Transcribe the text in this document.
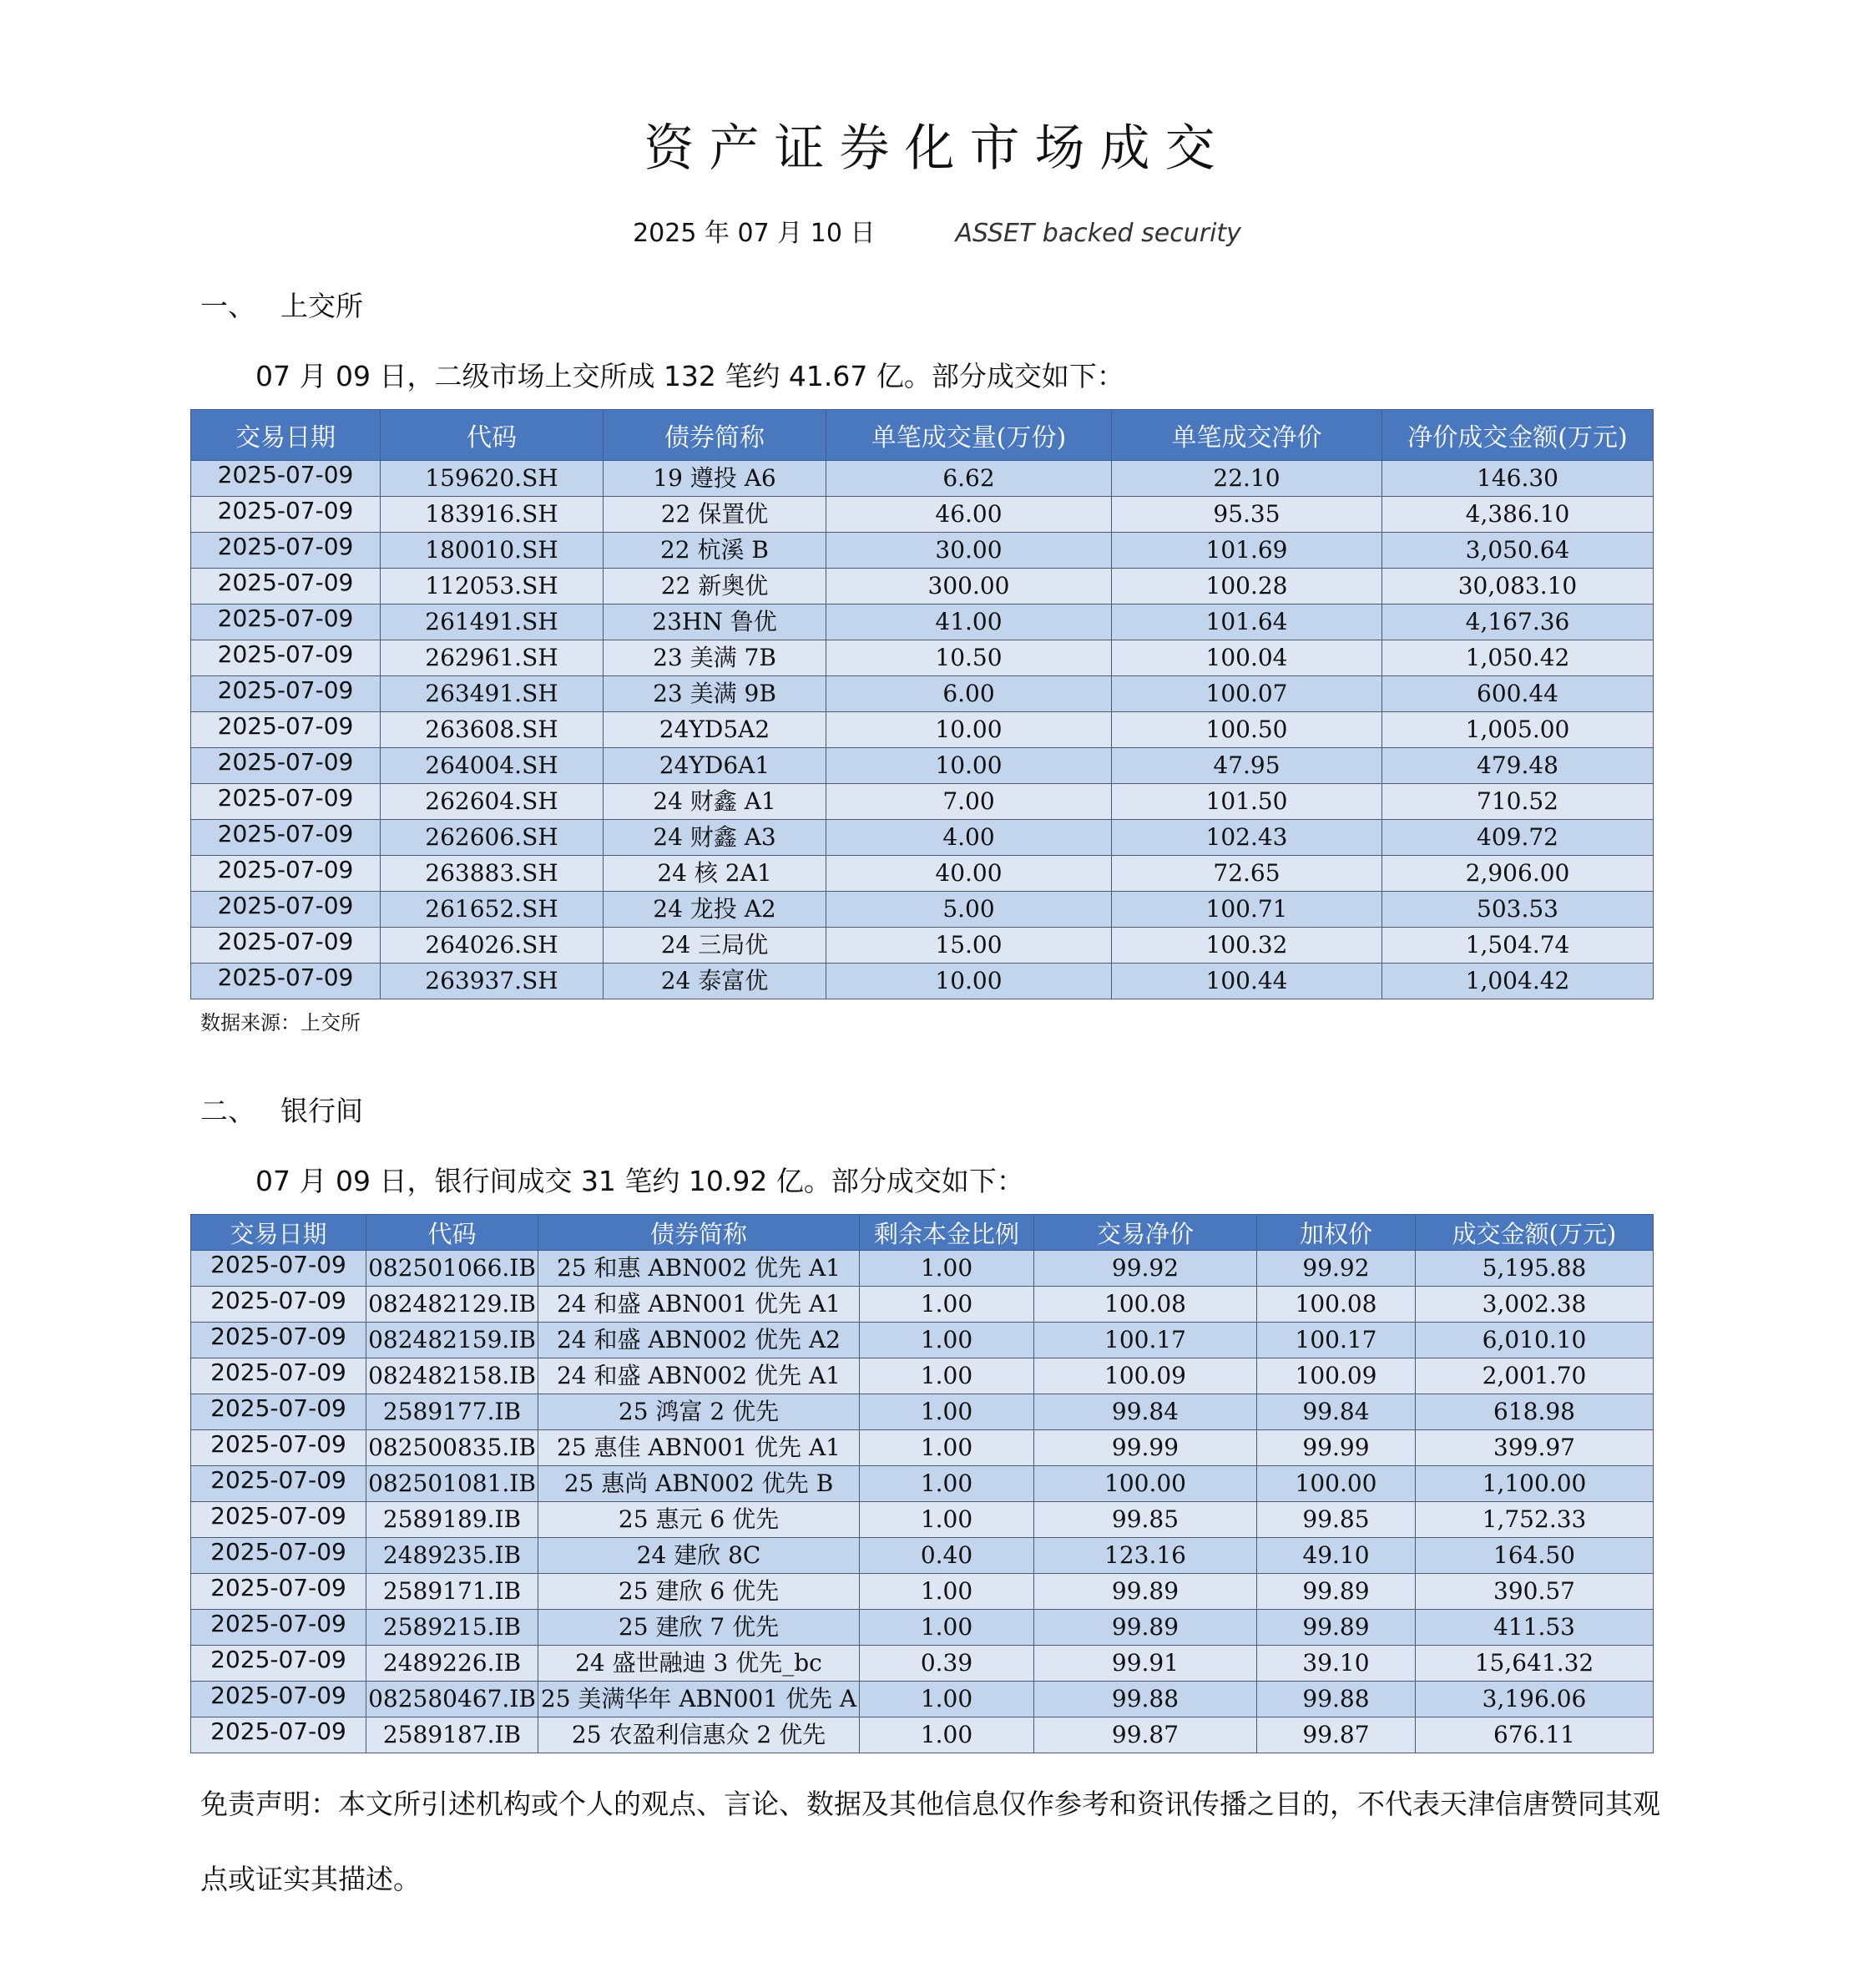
资产证券化市场成交
2025 年 07 月 10 日	ASSET backed security
一、 上交所
07 月 09 日，二级市场上交所成 132 笔约 41.67 亿。部分成交如下：
交易日期	代码	债券简称	单笔成交量(万份)	单笔成交净价	净价成交金额(万元)
2025-07-09	159620.SH	19 遵投 A6	6.62	22.10	146.30
2025-07-09	183916.SH	22 保置优	46.00	95.35	4,386.10
2025-07-09	180010.SH	22 杭溪 B	30.00	101.69	3,050.64
2025-07-09	112053.SH	22 新奥优	300.00	100.28	30,083.10
2025-07-09	261491.SH	23HN 鲁优	41.00	101.64	4,167.36
2025-07-09	262961.SH	23 美满 7B	10.50	100.04	1,050.42
2025-07-09	263491.SH	23 美满 9B	6.00	100.07	600.44
2025-07-09	263608.SH	24YD5A2	10.00	100.50	1,005.00
2025-07-09	264004.SH	24YD6A1	10.00	47.95	479.48
2025-07-09	262604.SH	24 财鑫 A1	7.00	101.50	710.52
2025-07-09	262606.SH	24 财鑫 A3	4.00	102.43	409.72
2025-07-09	263883.SH	24 核 2A1	40.00	72.65	2,906.00
2025-07-09	261652.SH	24 龙投 A2	5.00	100.71	503.53
2025-07-09	264026.SH	24 三局优	15.00	100.32	1,504.74
2025-07-09	263937.SH	24 泰富优	10.00	100.44	1,004.42
数据来源：上交所
二、 银行间
07 月 09 日，银行间成交 31 笔约 10.92 亿。部分成交如下：
交易日期	代码	债券简称	剩余本金比例	交易净价	加权价	成交金额(万元)
2025-07-09	082501066.IB	25 和惠 ABN002 优先 A1	1.00	99.92	99.92	5,195.88
2025-07-09	082482129.IB	24 和盛 ABN001 优先 A1	1.00	100.08	100.08	3,002.38
2025-07-09	082482159.IB	24 和盛 ABN002 优先 A2	1.00	100.17	100.17	6,010.10
2025-07-09	082482158.IB	24 和盛 ABN002 优先 A1	1.00	100.09	100.09	2,001.70
2025-07-09	2589177.IB	25 鸿富 2 优先	1.00	99.84	99.84	618.98
2025-07-09	082500835.IB	25 惠佳 ABN001 优先 A1	1.00	99.99	99.99	399.97
2025-07-09	082501081.IB	25 惠尚 ABN002 优先 B	1.00	100.00	100.00	1,100.00
2025-07-09	2589189.IB	25 惠元 6 优先	1.00	99.85	99.85	1,752.33
2025-07-09	2489235.IB	24 建欣 8C	0.40	123.16	49.10	164.50
2025-07-09	2589171.IB	25 建欣 6 优先	1.00	99.89	99.89	390.57
2025-07-09	2589215.IB	25 建欣 7 优先	1.00	99.89	99.89	411.53
2025-07-09	2489226.IB	24 盛世融迪 3 优先_bc	0.39	99.91	39.10	15,641.32
2025-07-09	082580467.IB	25 美满华年 ABN001 优先 A	1.00	99.88	99.88	3,196.06
2025-07-09	2589187.IB	25 农盈利信惠众 2 优先	1.00	99.87	99.87	676.11
免责声明：本文所引述机构或个人的观点、言论、数据及其他信息仅作参考和资讯传播之目的，不代表天津信唐赞同其观点或证实其描述。
